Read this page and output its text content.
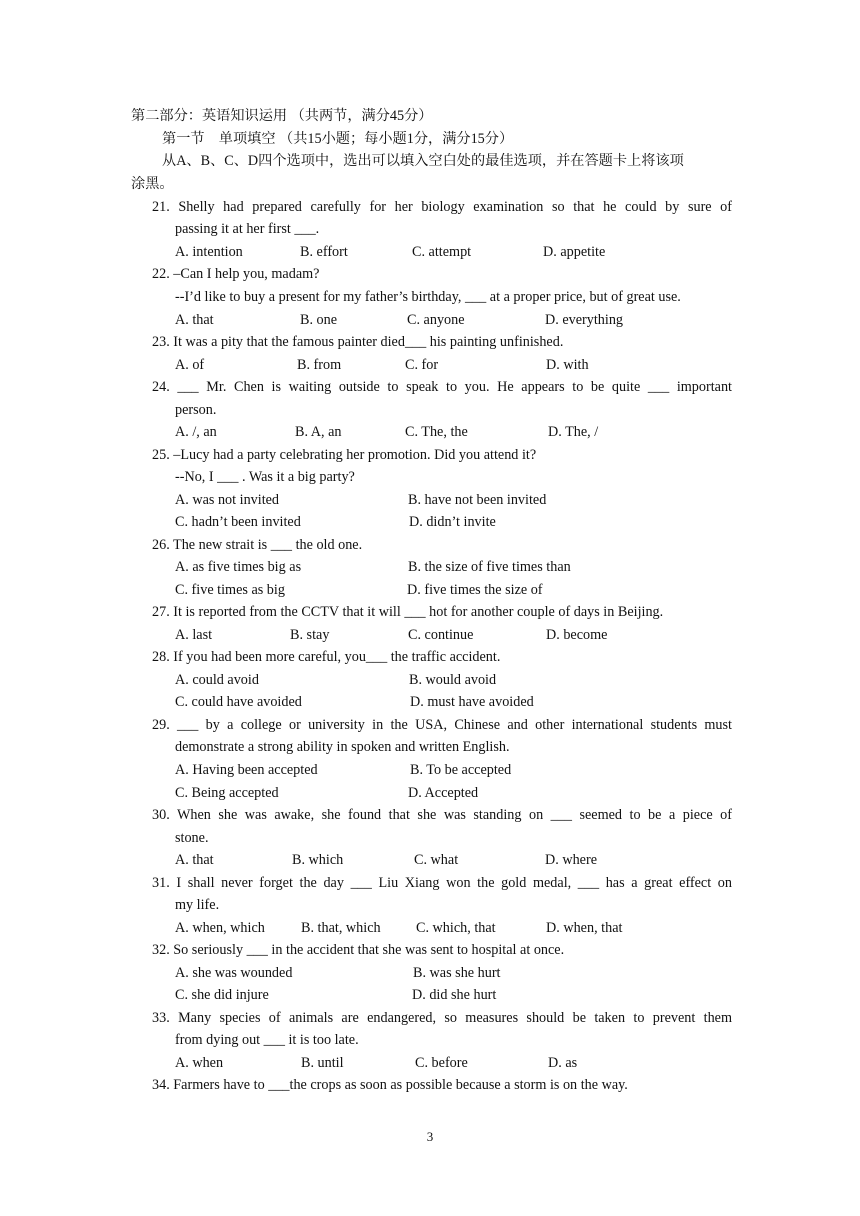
第二部分：英语知识运用 （共两节，满分45分）
第一节　单项填空 （共15小题；每小题1分，满分15分）
从A、B、C、D四个选项中，选出可以填入空白处的最佳选项，并在答题卡上将该项
涂黑。
21. Shelly had prepared carefully for her biology examination so that he could by sure of
passing it at her first ___.
A. intention	B. effort	C. attempt	D. appetite
22. –Can I help you, madam?
--I’d like to buy a present for my father’s birthday, ___ at a proper price, but of great use.
A. that	B. one	C. anyone	D. everything
23. It was a pity that the famous painter died___ his painting unfinished.
A. of	B. from	C. for	D. with
24. ___ Mr. Chen is waiting outside to speak to you. He appears to be quite ___ important
person.
A. /, an	B. A, an	C. The, the	D. The, /
25. –Lucy had a party celebrating her promotion. Did you attend it?
--No, I ___ . Was it a big party?
A. was not invited	B. have not been invited
C. hadn’t been invited	D. didn’t invite
26. The new strait is ___ the old one.
A. as five times big as	B. the size of five times than
C. five times as big	D. five times the size of
27. It is reported from the CCTV that it will ___ hot for another couple of days in Beijing.
A. last	B. stay	C. continue	D. become
28. If you had been more careful, you___ the traffic accident.
A. could avoid	B. would avoid
C. could have avoided	D. must have avoided
29. ___ by a college or university in the USA, Chinese and other international students must
demonstrate a strong ability in spoken and written English.
A. Having been accepted	B. To be accepted
C. Being accepted	D. Accepted
30. When she was awake, she found that she was standing on ___ seemed to be a piece of
stone.
A. that	B. which	C. what	D. where
31. I shall never forget the day ___ Liu Xiang won the gold medal, ___ has a great effect on
my life.
A. when, which	B. that, which C. which, that	D. when, that
32. So seriously ___ in the accident that she was sent to hospital at once.
A. she was wounded	B. was she hurt
C. she did injure	D. did she hurt
33. Many species of animals are endangered, so measures should be taken to prevent them
from dying out ___ it is too late.
A. when	B. until	C. before	D. as
34. Farmers have to ___the crops as soon as possible because a storm is on the way.
3
